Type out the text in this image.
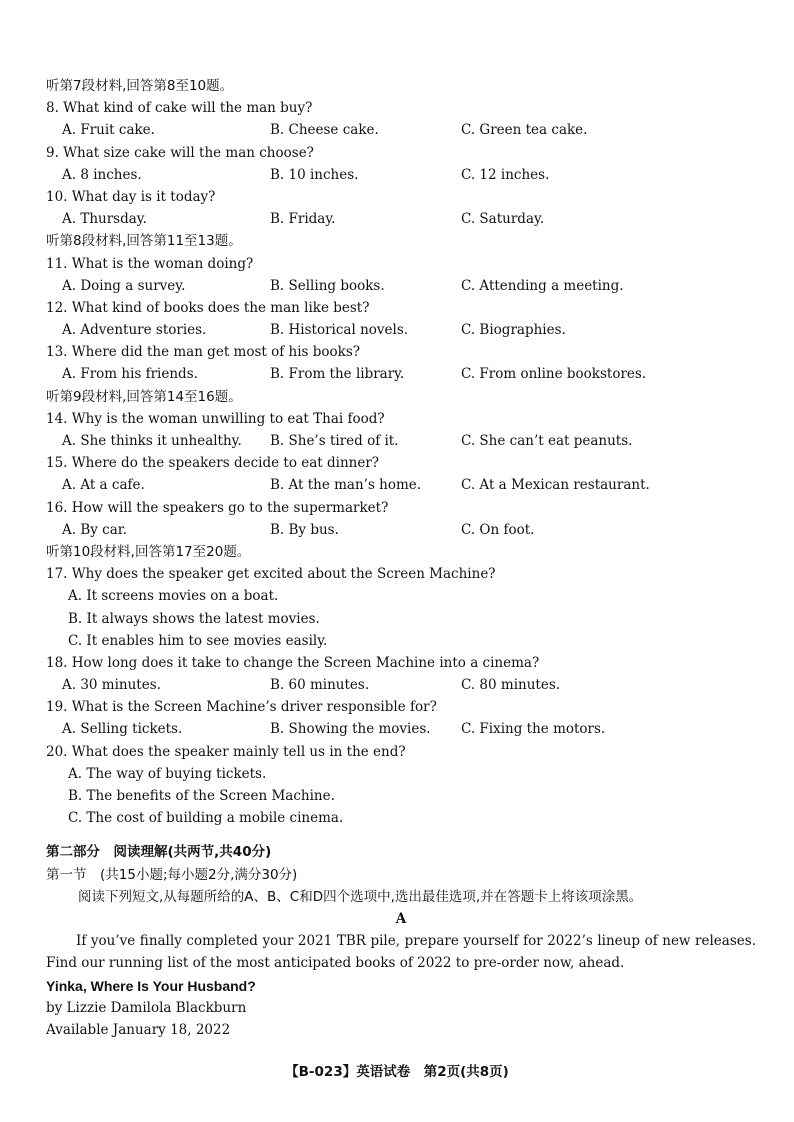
听第7段材料,回答第8至10题。
8. What kind of cake will the man buy?
A. Fruit cake.	B. Cheese cake.	C. Green tea cake.
9. What size cake will the man choose?
A. 8 inches.	B. 10 inches.	C. 12 inches.
10. What day is it today?
A. Thursday.	B. Friday.	C. Saturday.
听第8段材料,回答第11至13题。
11. What is the woman doing?
A. Doing a survey.	B. Selling books.	C. Attending a meeting.
12. What kind of books does the man like best?
A. Adventure stories.	B. Historical novels.	C. Biographies.
13. Where did the man get most of his books?
A. From his friends.	B. From the library.	C. From online bookstores.
听第9段材料,回答第14至16题。
14. Why is the woman unwilling to eat Thai food?
A. She thinks it unhealthy. B. She’s tired of it.	C. She can’t eat peanuts.
15. Where do the speakers decide to eat dinner?
A. At a cafe.	B. At the man’s home.	C. At a Mexican restaurant.
16. How will the speakers go to the supermarket?
A. By car.	B. By bus.	C. On foot.
听第10段材料,回答第17至20题。
17. Why does the speaker get excited about the Screen Machine?
A. It screens movies on a boat.
B. It always shows the latest movies.
C. It enables him to see movies easily.
18. How long does it take to change the Screen Machine into a cinema?
A. 30 minutes.	B. 60 minutes.	C. 80 minutes.
19. What is the Screen Machine’s driver responsible for?
A. Selling tickets.	B. Showing the movies. C. Fixing the motors.
20. What does the speaker mainly tell us in the end?
A. The way of buying tickets.
B. The benefits of the Screen Machine.
C. The cost of building a mobile cinema.
第二部分　阅读理解(共两节,共40分)
第一节　(共15小题;每小题2分,满分30分)
阅读下列短文,从每题所给的A、B、C和D四个选项中,选出最佳选项,并在答题卡上将该项涂黑。
A
If you’ve finally completed your 2021 TBR pile, prepare yourself for 2022’s lineup of new releases. Find our running list of the most anticipated books of 2022 to pre-order now, ahead.
Yinka, Where Is Your Husband?
by Lizzie Damilola Blackburn
Available January 18, 2022
【B-023】英语试卷　第2页(共8页)
